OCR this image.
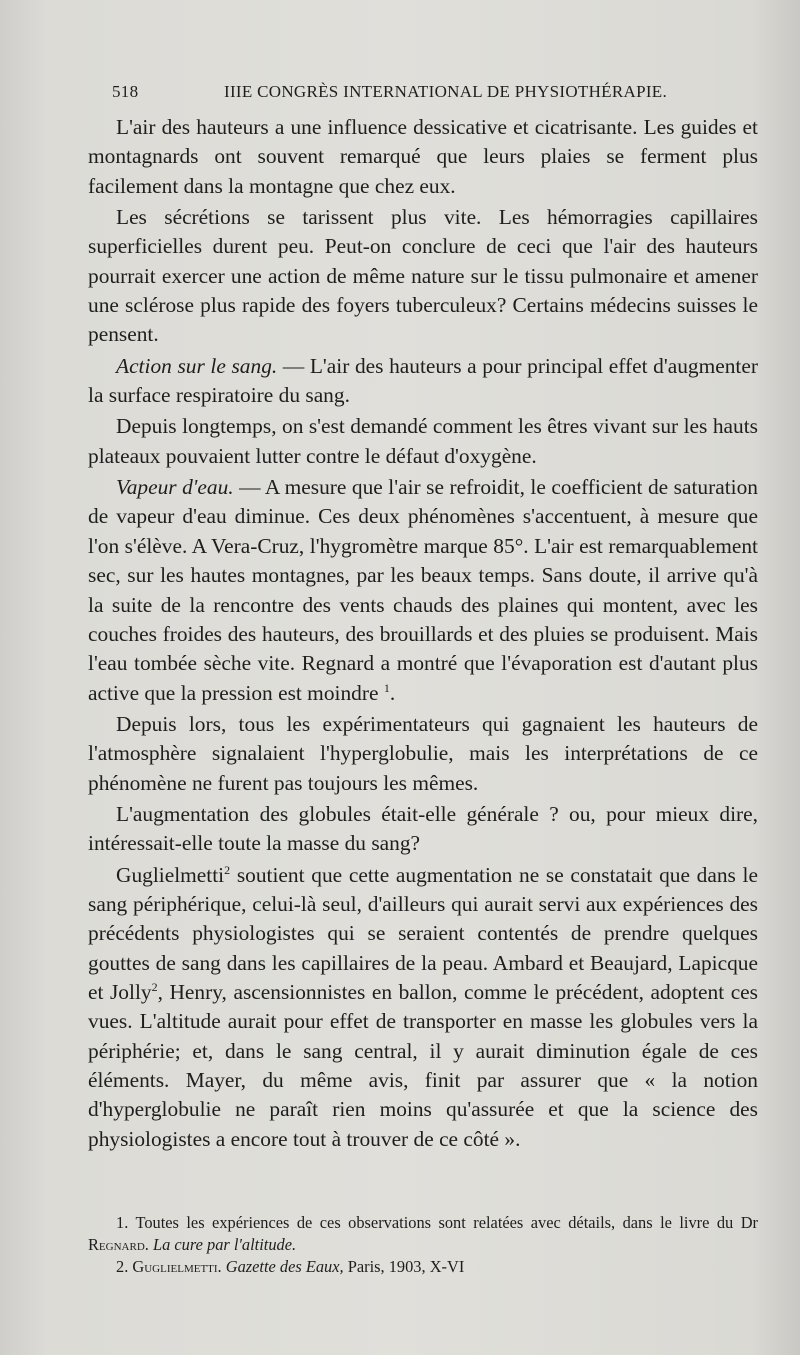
518	IIIE CONGRÈS INTERNATIONAL DE PHYSIOTHÉRAPIE.

L'air des hauteurs a une influence dessicative et cicatrisante. Les guides et montagnards ont souvent remarqué que leurs plaies se ferment plus facilement dans la montagne que chez eux.

Les sécrétions se tarissent plus vite. Les hémorragies capillaires superficielles durent peu. Peut-on conclure de ceci que l'air des hauteurs pourrait exercer une action de même nature sur le tissu pulmonaire et amener une sclérose plus rapide des foyers tuberculeux? Certains médecins suisses le pensent.

Action sur le sang. — L'air des hauteurs a pour principal effet d'augmenter la surface respiratoire du sang.

Depuis longtemps, on s'est demandé comment les êtres vivant sur les hauts plateaux pouvaient lutter contre le défaut d'oxygène.

Vapeur d'eau. — A mesure que l'air se refroidit, le coefficient de saturation de vapeur d'eau diminue. Ces deux phénomènes s'accentuent, à mesure que l'on s'élève. A Vera-Cruz, l'hygromètre marque 85°. L'air est remarquablement sec, sur les hautes montagnes, par les beaux temps. Sans doute, il arrive qu'à la suite de la rencontre des vents chauds des plaines qui montent, avec les couches froides des hauteurs, des brouillards et des pluies se produisent. Mais l'eau tombée sèche vite. Regnard a montré que l'évaporation est d'autant plus active que la pression est moindre $^1$.

Depuis lors, tous les expérimentateurs qui gagnaient les hauteurs de l'atmosphère signalaient l'hyperglobulie, mais les interprétations de ce phénomène ne furent pas toujours les mêmes.

L'augmentation des globules était-elle générale ? ou, pour mieux dire, intéressait-elle toute la masse du sang?

Guglielmetti$^2$ soutient que cette augmentation ne se constatait que dans le sang périphérique, celui-là seul, d'ailleurs qui aurait servi aux expériences des précédents physiologistes qui se seraient contentés de prendre quelques gouttes de sang dans les capillaires de la peau. Ambard et Beaujard, Lapicque et Jolly$^2$, Henry, ascensionnistes en ballon, comme le précédent, adoptent ces vues. L'altitude aurait pour effet de transporter en masse les globules vers la périphérie; et, dans le sang central, il y aurait diminution égale de ces éléments. Mayer, du même avis, finit par assurer que « la notion d'hyperglobulie ne paraît rien moins qu'assurée et que la science des physiologistes a encore tout à trouver de ce côté ».

1. Toutes les expériences de ces observations sont relatées avec détails, dans le livre du Dr Regnard. La cure par l'altitude.

2. Guglielmetti. Gazette des Eaux, Paris, 1903, X-VI
